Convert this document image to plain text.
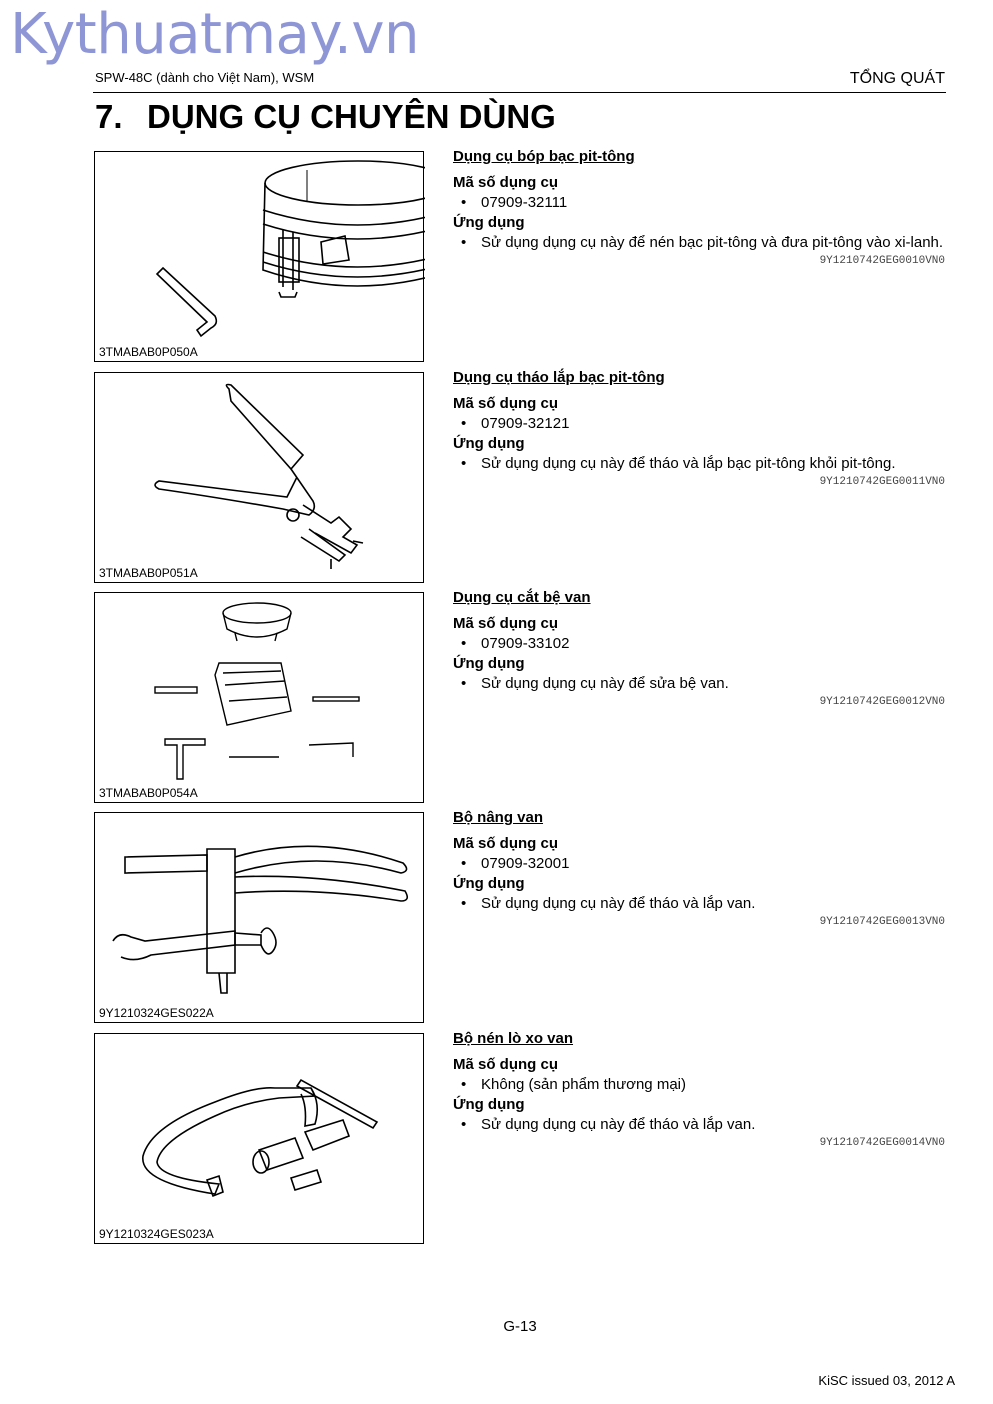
Kythuatmay.vn
SPW-48C (dành cho Việt Nam), WSM	TỔNG QUÁT
7. DỤNG CỤ CHUYÊN DÙNG
3TMABAB0P050A
Dụng cụ bóp bạc pit-tông
Mã số dụng cụ
• 07909-32111
Ứng dụng
• Sử dụng dụng cụ này để nén bạc pit-tông và đưa pit-tông vào xi-lanh.
9Y1210742GEG0010VN0
3TMABAB0P051A
Dụng cụ tháo lắp bạc pit-tông
Mã số dụng cụ
• 07909-32121
Ứng dụng
• Sử dụng dụng cụ này để tháo và lắp bạc pit-tông khỏi pit-tông.
9Y1210742GEG0011VN0
3TMABAB0P054A
Dụng cụ cắt bệ van
Mã số dụng cụ
• 07909-33102
Ứng dụng
• Sử dụng dụng cụ này để sửa bệ van.
9Y1210742GEG0012VN0
9Y1210324GES022A
Bộ nâng van
Mã số dụng cụ
• 07909-32001
Ứng dụng
• Sử dụng dụng cụ này để tháo và lắp van.
9Y1210742GEG0013VN0
9Y1210324GES023A
Bộ nén lò xo van
Mã số dụng cụ
• Không (sản phẩm thương mại)
Ứng dụng
• Sử dụng dụng cụ này để tháo và lắp van.
9Y1210742GEG0014VN0
G-13
KiSC issued 03, 2012 A
